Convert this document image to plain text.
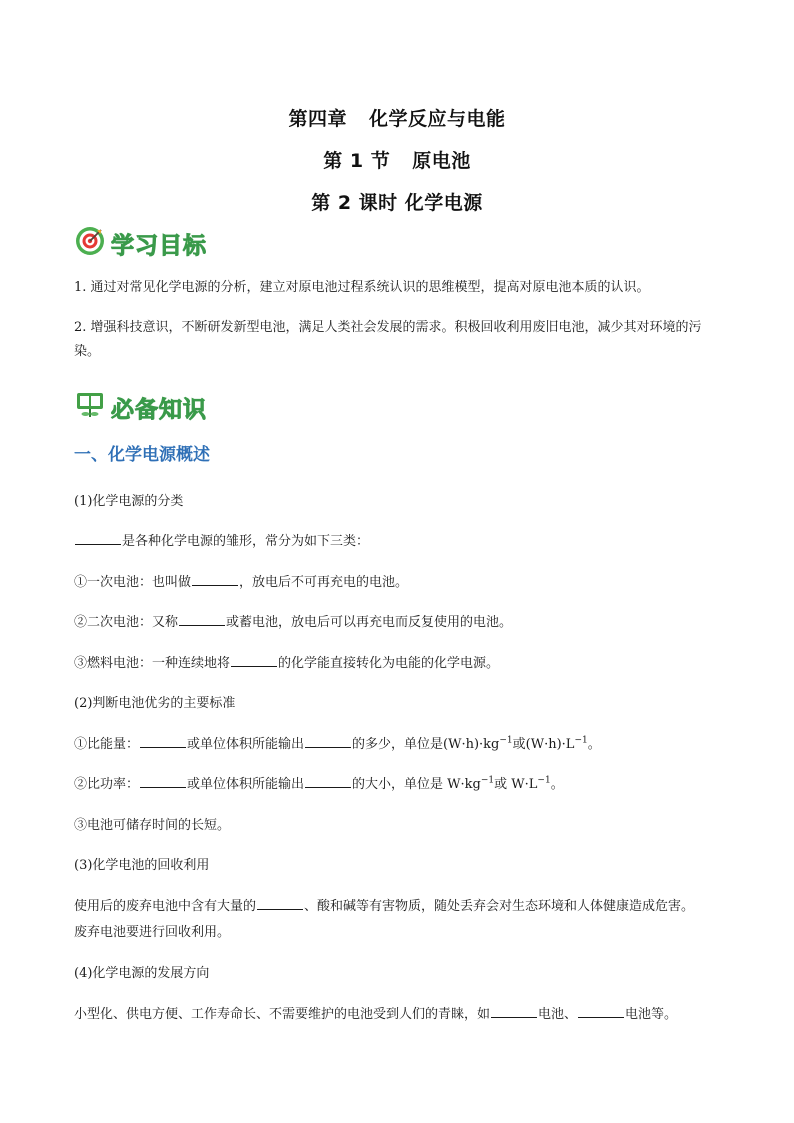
第四章 化学反应与电能
第 1 节 原电池
第 2 课时 化学电源
学习目标
1. 通过对常见化学电源的分析，建立对原电池过程系统认识的思维模型，提高对原电池本质的认识。
2. 增强科技意识，不断研发新型电池，满足人类社会发展的需求。积极回收利用废旧电池，减少其对环境的污染。
必备知识
一、化学电源概述
(1)化学电源的分类
是各种化学电源的雏形，常分为如下三类：
①一次电池：也叫做	，放电后不可再充电的电池。
②二次电池：又称	或蓄电池，放电后可以再充电而反复使用的电池。
③燃料电池：一种连续地将	的化学能直接转化为电能的化学电源。
(2)判断电池优劣的主要标准
①比能量：	或单位体积所能输出	的多少，单位是$(W\cdot h)\cdot kg^{-1}$或$(W\cdot h)\cdot L^{-1}$。
②比功率：	或单位体积所能输出	的大小，单位是 $W\cdot kg^{-1}$或 $W\cdot L^{-1}$。
③电池可储存时间的长短。
(3)化学电池的回收利用
使用后的废弃电池中含有大量的	、酸和碱等有害物质，随处丢弃会对生态环境和人体健康造成危害。
废弃电池要进行回收利用。
(4)化学电源的发展方向
小型化、供电方便、工作寿命长、不需要维护的电池受到人们的青睐，如	电池、	电池等。
